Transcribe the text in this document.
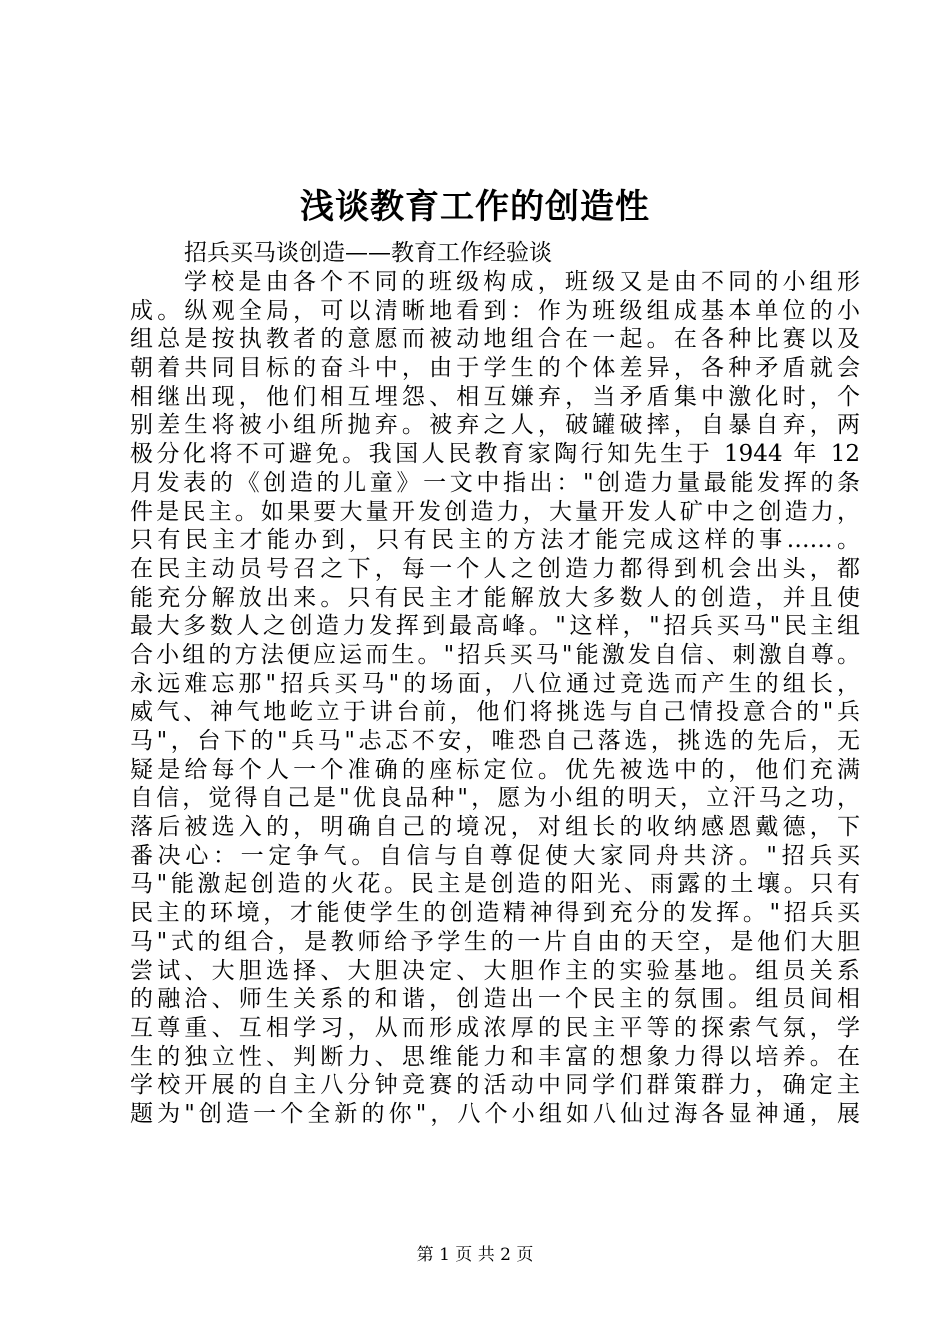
浅谈教育工作的创造性
招兵买马谈创造——教育工作经验谈
学校是由各个不同的班级构成，班级又是由不同的小组形
成。纵观全局，可以清晰地看到：作为班级组成基本单位的小
组总是按执教者的意愿而被动地组合在一起。在各种比赛以及
朝着共同目标的奋斗中，由于学生的个体差异，各种矛盾就会
相继出现，他们相互埋怨、相互嫌弃，当矛盾集中激化时，个
别差生将被小组所抛弃。被弃之人，破罐破摔，自暴自弃，两
极分化将不可避免。我国人民教育家陶行知先生于 1944 年 12
月发表的《创造的儿童》一文中指出："创造力量最能发挥的条
件是民主。如果要大量开发创造力，大量开发人矿中之创造力，
只有民主才能办到，只有民主的方法才能完成这样的事……。
在民主动员号召之下，每一个人之创造力都得到机会出头，都
能充分解放出来。只有民主才能解放大多数人的创造，并且使
最大多数人之创造力发挥到最高峰。"这样，"招兵买马"民主组
合小组的方法便应运而生。"招兵买马"能激发自信、刺激自尊。
永远难忘那"招兵买马"的场面，八位通过竞选而产生的组长，
威气、神气地屹立于讲台前，他们将挑选与自己情投意合的"兵
马"，台下的"兵马"忐忑不安，唯恐自己落选，挑选的先后，无
疑是给每个人一个准确的座标定位。优先被选中的，他们充满
自信，觉得自己是"优良品种"，愿为小组的明天，立汗马之功，
落后被选入的，明确自己的境况，对组长的收纳感恩戴德，下
番决心：一定争气。自信与自尊促使大家同舟共济。"招兵买
马"能激起创造的火花。民主是创造的阳光、雨露的土壤。只有
民主的环境，才能使学生的创造精神得到充分的发挥。"招兵买
马"式的组合，是教师给予学生的一片自由的天空，是他们大胆
尝试、大胆选择、大胆决定、大胆作主的实验基地。组员关系
的融洽、师生关系的和谐，创造出一个民主的氛围。组员间相
互尊重、互相学习，从而形成浓厚的民主平等的探索气氛，学
生的独立性、判断力、思维能力和丰富的想象力得以培养。在
学校开展的自主八分钟竞赛的活动中同学们群策群力，确定主
题为"创造一个全新的你"，八个小组如八仙过海各显神通，展
第 1 页 共 2 页
